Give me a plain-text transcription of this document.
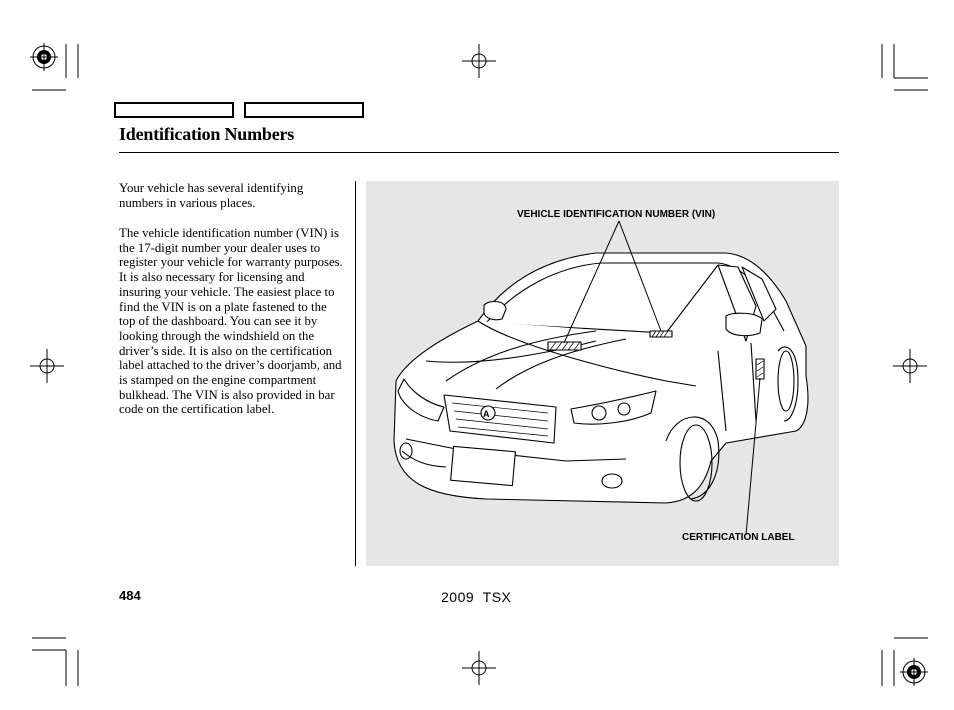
Identification Numbers
Your vehicle has several identifying numbers in various places.
The vehicle identification number (VIN) is the 17-digit number your dealer uses to register your vehicle for warranty purposes. It is also necessary for licensing and insuring your vehicle. The easiest place to find the VIN is on a plate fastened to the top of the dashboard. You can see it by looking through the windshield on the driver’s side. It is also on the certification label attached to the driver’s doorjamb, and is stamped on the engine compartment bulkhead. The VIN is also provided in bar code on the certification label.	A
VEHICLE IDENTIFICATION NUMBER (VIN)
CERTIFICATION LABEL
484	2009  TSX
